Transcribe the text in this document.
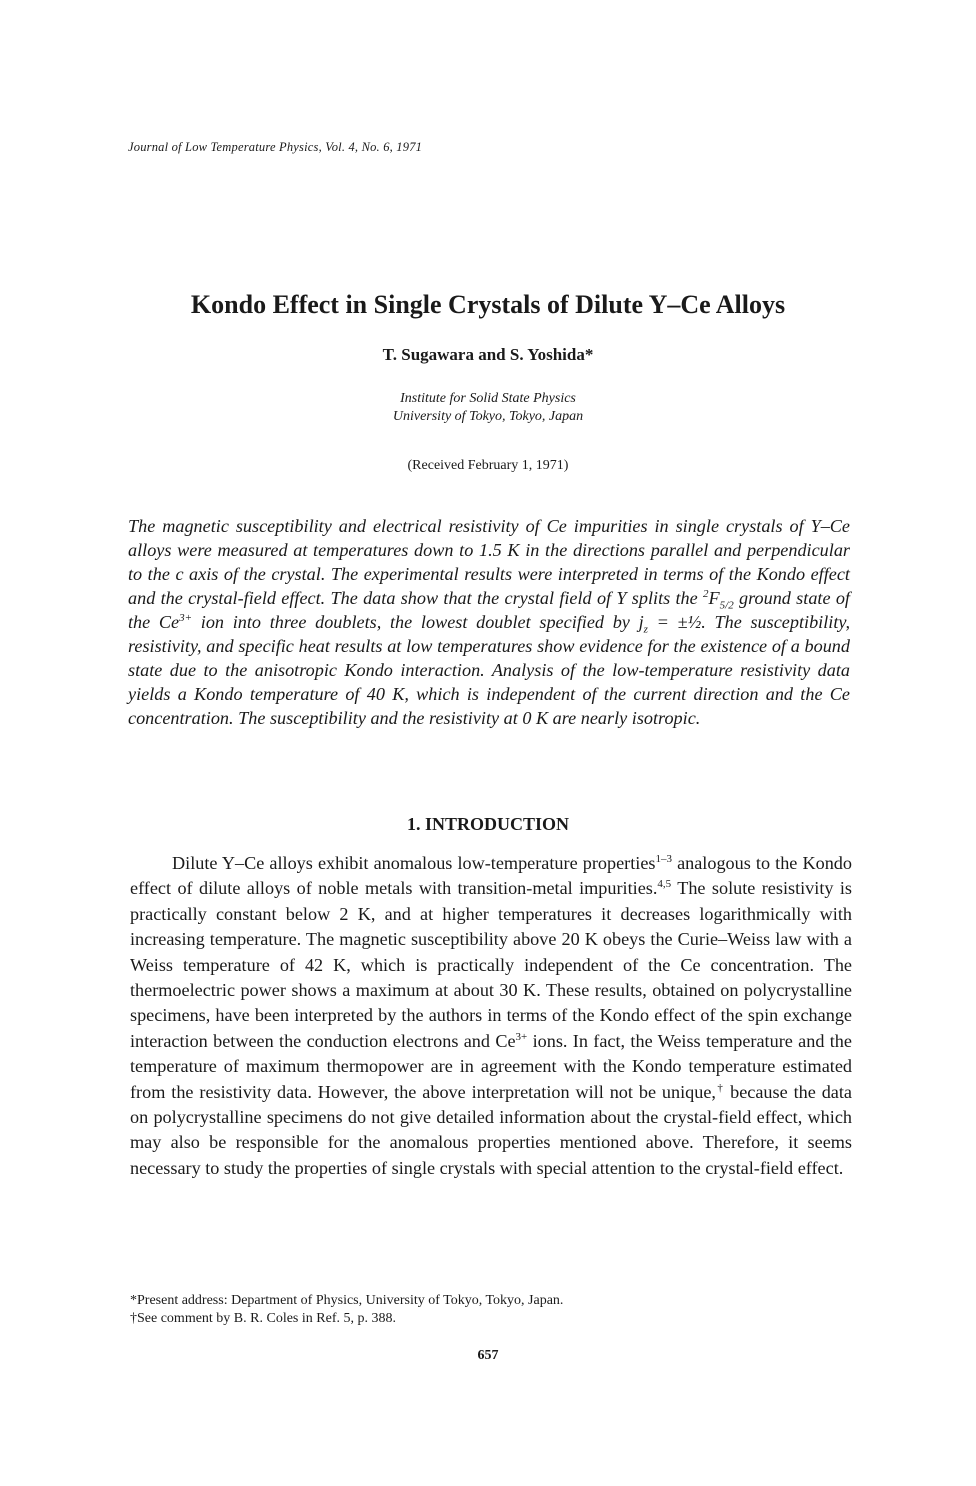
Journal of Low Temperature Physics, Vol. 4, No. 6, 1971
Kondo Effect in Single Crystals of Dilute Y–Ce Alloys
T. Sugawara and S. Yoshida*
Institute for Solid State Physics
University of Tokyo, Tokyo, Japan
(Received February 1, 1971)

The magnetic susceptibility and electrical resistivity of Ce impurities in single crystals of Y–Ce alloys were measured at temperatures down to 1.5 K in the directions parallel and perpendicular to the c axis of the crystal. The experimental results were interpreted in terms of the Kondo effect and the crystal-field effect. The data show that the crystal field of Y splits the $^2F_{5/2}$ ground state of the $Ce^{3+}$ ion into three doublets, the lowest doublet specified by $j_z$ = ±½. The susceptibility, resistivity, and specific heat results at low temperatures show evidence for the existence of a bound state due to the anisotropic Kondo interaction. Analysis of the low-temperature resistivity data yields a Kondo temperature of 40 K, which is independent of the current direction and the Ce concentration. The susceptibility and the resistivity at 0 K are nearly isotropic.

1. INTRODUCTION

Dilute Y–Ce alloys exhibit anomalous low-temperature properties$^{1-3}$ analogous to the Kondo effect of dilute alloys of noble metals with transition-metal impurities.$^{4,5}$ The solute resistivity is practically constant below 2 K, and at higher temperatures it decreases logarithmically with increasing temperature. The magnetic susceptibility above 20 K obeys the Curie–Weiss law with a Weiss temperature of 42 K, which is practically independent of the Ce concentration. The thermoelectric power shows a maximum at about 30 K. These results, obtained on polycrystalline specimens, have been interpreted by the authors in terms of the Kondo effect of the spin exchange interaction between the conduction electrons and $Ce^{3+}$ ions. In fact, the Weiss temperature and the temperature of maximum thermopower are in agreement with the Kondo temperature estimated from the resistivity data. However, the above interpretation will not be unique,† because the data on polycrystalline specimens do not give detailed information about the crystal-field effect, which may also be responsible for the anomalous properties mentioned above. Therefore, it seems necessary to study the properties of single crystals with special attention to the crystal-field effect.

*Present address: Department of Physics, University of Tokyo, Tokyo, Japan.
†See comment by B. R. Coles in Ref. 5, p. 388.
657
